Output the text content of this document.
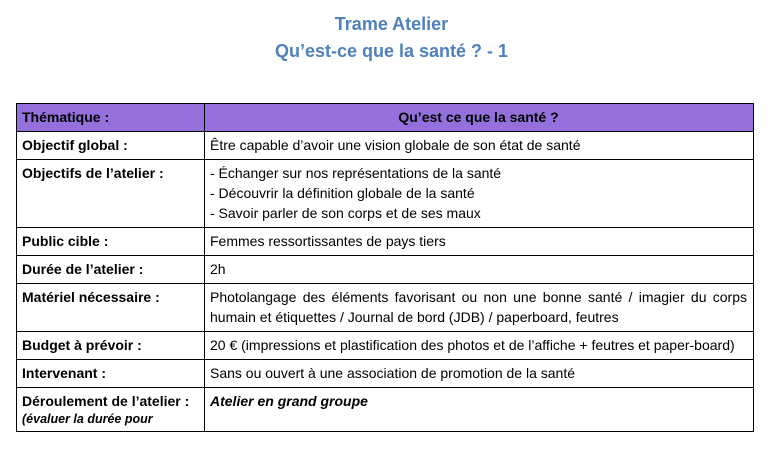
Trame Atelier
Qu’est-ce que la santé ? - 1
Thématique :	Qu’est ce que la santé ?
Objectif global :	Être capable d’avoir une vision globale de son état de santé
Objectifs de l’atelier :	- Échanger sur nos représentations de la santé
- Découvrir la définition globale de la santé
- Savoir parler de son corps et de ses maux

Public cible :	Femmes ressortissantes de pays tiers
Durée de l’atelier :	2h
Matériel nécessaire :	Photolangage des éléments favorisant ou non une bonne santé / imagier du corps humain et étiquettes / Journal de bord (JDB) / paperboard, feutres
Budget à prévoir :	20 € (impressions et plastification des photos et de l’affiche + feutres et paper-board)
Intervenant :	Sans ou ouvert à une association de promotion de la santé

Déroulement de l’atelier :
(évaluer la durée pour	Atelier en grand groupe
